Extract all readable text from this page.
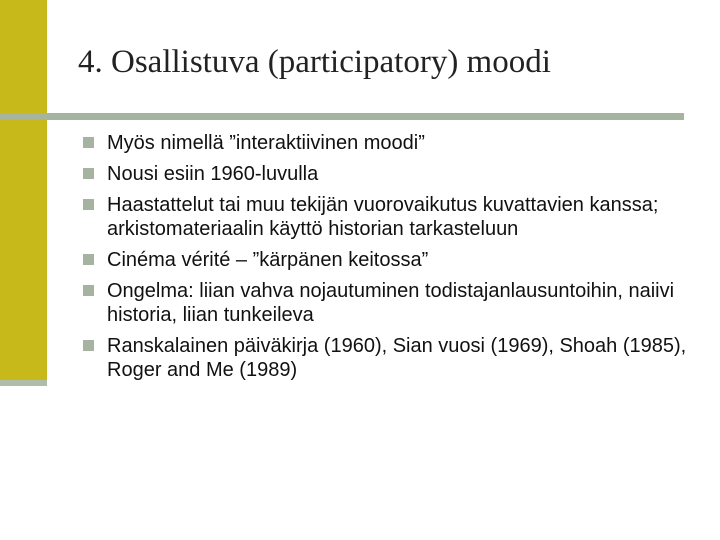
4. Osallistuva (participatory) moodi
Myös nimellä ”interaktiivinen moodi”
Nousi esiin 1960-luvulla
Haastattelut tai muu tekijän vuorovaikutus kuvattavien kanssa; arkistomateriaalin käyttö historian tarkasteluun
Cinéma vérité – ”kärpänen keitossa”
Ongelma: liian vahva nojautuminen todistajanlausuntoihin, naiivi historia, liian tunkeileva
Ranskalainen päiväkirja (1960), Sian vuosi (1969), Shoah (1985), Roger and Me (1989)
